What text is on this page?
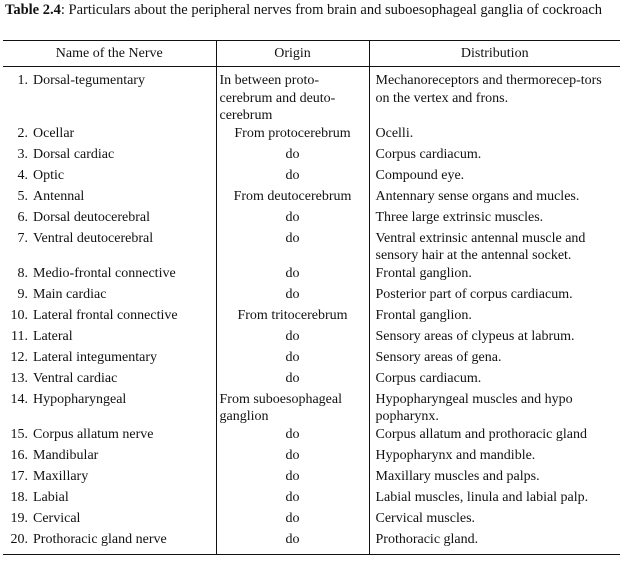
Table 2.4: Particulars about the peripheral nerves from brain and suboesophageal ganglia of cockroach
Name of the Nerve	Origin	Distribution
1. Dorsal-tegumentary	In between proto-cerebrum and deuto-cerebrum	Mechanoreceptors and thermorecep-tors on the vertex and frons.
2. Ocellar	From protocerebrum	Ocelli.
3. Dorsal cardiac	do	Corpus cardiacum.
4. Optic	do	Compound eye.
5. Antennal	From deutocerebrum	Antennary sense organs and mucles.
6. Dorsal deutocerebral	do	Three large extrinsic muscles.
7. Ventral deutocerebral	do	Ventral extrinsic antennal muscle and sensory hair at the antennal socket.
8. Medio-frontal connective	do	Frontal ganglion.
9. Main cardiac	do	Posterior part of corpus cardiacum.
10. Lateral frontal connective	From tritocerebrum	Frontal ganglion.
11. Lateral	do	Sensory areas of clypeus at labrum.
12. Lateral integumentary	do	Sensory areas of gena.
13. Ventral cardiac	do	Corpus cardiacum.
14. Hypopharyngeal	From suboesophageal ganglion	Hypopharyngeal muscles and hypo popharynx.
15. Corpus allatum nerve	do	Corpus allatum and prothoracic gland
16. Mandibular	do	Hypopharynx and mandible.
17. Maxillary	do	Maxillary muscles and palps.
18. Labial	do	Labial muscles, linula and labial palp.
19. Cervical	do	Cervical muscles.
20. Prothoracic gland nerve	do	Prothoracic gland.
